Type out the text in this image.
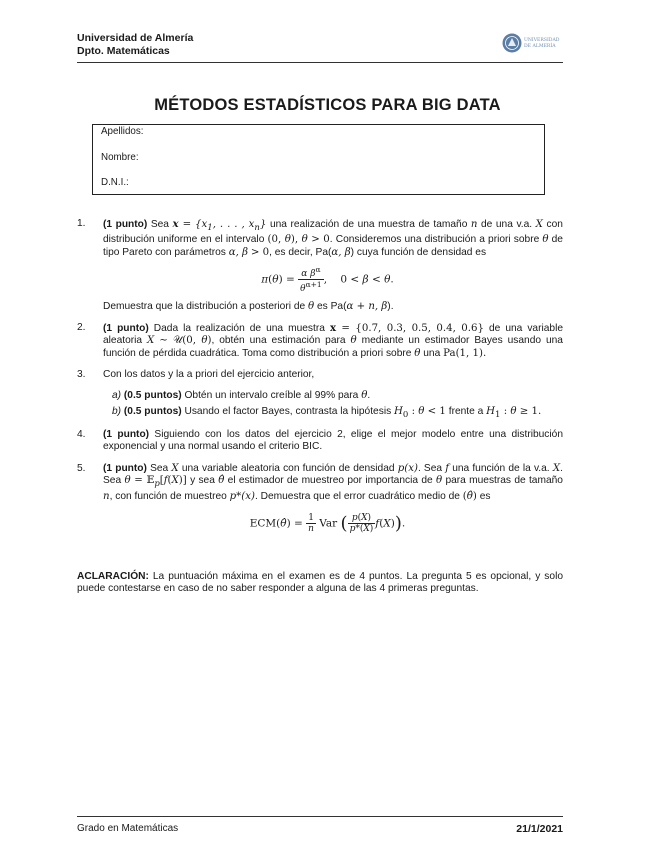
Universidad de Almería
Dpto. Matemáticas
UNIVERSIDAD
DE ALMERÍA
MÉTODOS ESTADÍSTICOS PARA BIG DATA
Apellidos:
Nombre:
D.N.I.:
1. (1 punto) Sea $x = \{x_1$, . . . , $x_n$} una realización de una muestra de tamaño n de una v.a. X con distribución uniforme en el intervalo (0, θ), θ > 0. Consideremos una distribución a priori sobre θ de tipo Pareto con parámetros α, β > 0, es decir, Pa(α, β) cuya función de densidad es
$\pi(\theta) = \frac{\alpha \beta^\alpha}{\theta^{\alpha+1}}$ ,    0 < β < θ.
Demuestra que la distribución a posteriori de θ es Pa(α + n, β).
2. (1 punto) Dada la realización de una muestra x = {0.7, 0.3, 0.5, 0.4, 0.6} de una variable aleatoria X ∼ 𝒰(0, θ), obtén una estimación para θ mediante un estimador Bayes usando una función de pérdida cuadrática. Toma como distribución a priori sobre θ una Pa(1, 1).
3. Con los datos y la a priori del ejercicio anterior,
a) (0.5 puntos) Obtén un intervalo creíble al 99% para θ.
b) (0.5 puntos) Usando el factor Bayes, contrasta la hipótesis $H_0$ : θ < 1 frente a $H_1$ : θ ≥ 1.
4. (1 punto) Siguiendo con los datos del ejercicio 2, elige el mejor modelo entre una distribución exponencial y una normal usando el criterio BIC.
5. (1 punto) Sea X una variable aleatoria con función de densidad p(x). Sea f una función de la v.a. X. Sea θ = 𝔼$_p$[f(X)] y sea θ̂ el estimador de muestreo por importancia de θ para muestras de tamaño n, con función de muestreo p*(x). Demuestra que el error cuadrático medio de (θ̂) es
ECM(θ̂) = $\frac{1}{n}$ Var ( $\frac{p(X)}{p*(X)} f(X)$).
ACLARACIÓN: La puntuación máxima en el examen es de 4 puntos. La pregunta 5 es opcional, y solo puede contestarse en caso de no saber responder a alguna de las 4 primeras preguntas.
Grado en Matemáticas	21/1/2021
